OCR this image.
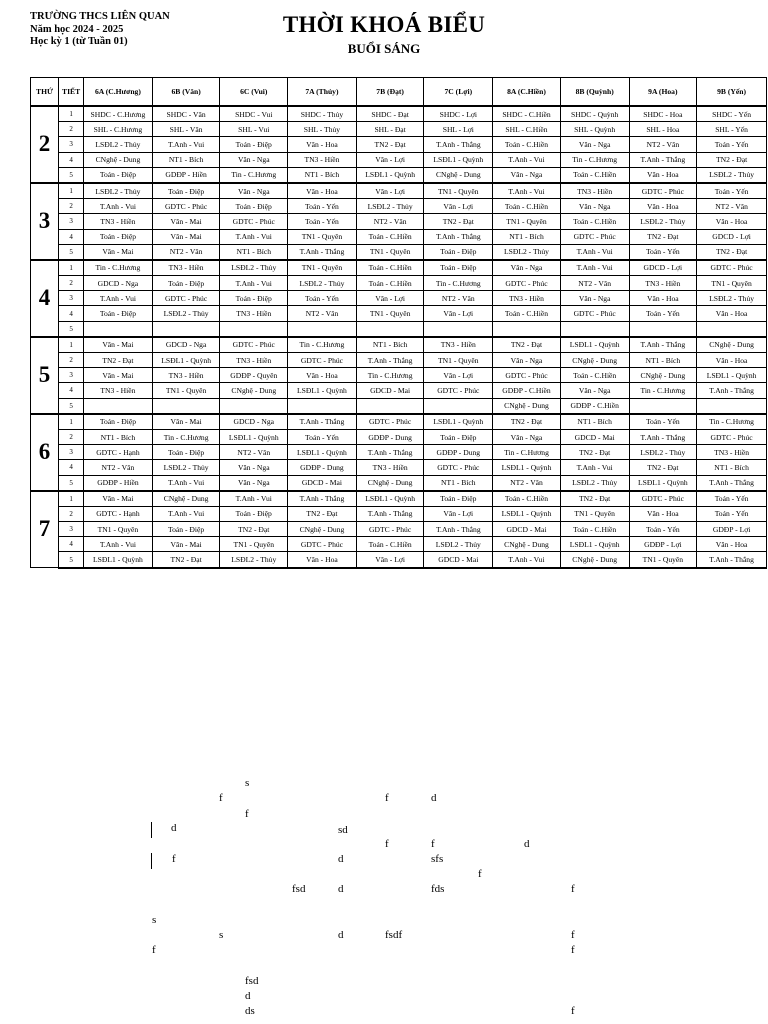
TRƯỜNG THCS LIÊN QUAN
Năm học 2024 - 2025
Học kỳ 1 (từ Tuần 01)
THỜI KHOÁ BIỂU
BUỔI SÁNG
THỨ	TIẾT	6A (C.Hương)	6B (Vân)	6C (Vui)	7A (Thủy)	7B (Đạt)	7C (Lợi)	8A (C.Hiền)	8B (Quỳnh)	9A (Hoa)	9B (Yến)
2	1	SHDC - C.Hương	SHDC - Vân	SHDC - Vui	SHDC - Thủy	SHDC - Đạt	SHDC - Lợi	SHDC - C.Hiền	SHDC - Quỳnh	SHDC - Hoa	SHDC - Yến
	2	SHL - C.Hương	SHL - Vân	SHL - Vui	SHL - Thủy	SHL - Đạt	SHL - Lợi	SHL - C.Hiền	SHL - Quỳnh	SHL - Hoa	SHL - Yến
	3	LSĐL2 - Thủy	T.Anh - Vui	Toán - Điệp	Văn - Hoa	TN2 - Đạt	T.Anh - Thắng	Toán - C.Hiền	Văn - Nga	NT2 - Vân	Toán - Yến
	4	CNghệ - Dung	NT1 - Bích	Văn - Nga	TN3 - Hiền	Văn - Lợi	LSĐL1 - Quỳnh	T.Anh - Vui	Tin - C.Hương	T.Anh - Thắng	TN2 - Đạt
	5	Toán - Điệp	GDĐP - Hiền	Tin - C.Hương	NT1 - Bích	LSĐL1 - Quỳnh	CNghệ - Dung	Văn - Nga	Toán - C.Hiền	Văn - Hoa	LSĐL2 - Thủy
3	1	LSĐL2 - Thủy	Toán - Điệp	Văn - Nga	Văn - Hoa	Văn - Lợi	TN1 - Quyên	T.Anh - Vui	TN3 - Hiền	GDTC - Phúc	Toán - Yến
	2	T.Anh - Vui	GDTC - Phúc	Toán - Điệp	Toán - Yến	LSĐL2 - Thủy	Văn - Lợi	Toán - C.Hiền	Văn - Nga	Văn - Hoa	NT2 - Vân
	3	TN3 - Hiền	Văn - Mai	GDTC - Phúc	Toán - Yến	NT2 - Vân	TN2 - Đạt	TN1 - Quyên	Toán - C.Hiền	LSĐL2 - Thủy	Văn - Hoa
	4	Toán - Điệp	Văn - Mai	T.Anh - Vui	TN1 - Quyên	Toán - C.Hiền	T.Anh - Thắng	NT1 - Bích	GDTC - Phúc	TN2 - Đạt	GDCD - Lợi
	5	Văn - Mai	NT2 - Vân	NT1 - Bích	T.Anh - Thắng	TN1 - Quyên	Toán - Điệp	LSĐL2 - Thủy	T.Anh - Vui	Toán - Yến	TN2 - Đạt
4	1	Tin - C.Hương	TN3 - Hiền	LSĐL2 - Thủy	TN1 - Quyên	Toán - C.Hiền	Toán - Điệp	Văn - Nga	T.Anh - Vui	GDCD - Lợi	GDTC - Phúc
	2	GDCD - Nga	Toán - Điệp	T.Anh - Vui	LSĐL2 - Thủy	Toán - C.Hiền	Tin - C.Hương	GDTC - Phúc	NT2 - Vân	TN3 - Hiền	TN1 - Quyên
	3	T.Anh - Vui	GDTC - Phúc	Toán - Điệp	Toán - Yến	Văn - Lợi	NT2 - Vân	TN3 - Hiền	Văn - Nga	Văn - Hoa	LSĐL2 - Thủy
	4	Toán - Điệp	LSĐL2 - Thủy	TN3 - Hiền	NT2 - Vân	TN1 - Quyên	Văn - Lợi	Toán - C.Hiền	GDTC - Phúc	Toán - Yến	Văn - Hoa
	5										
5	1	Văn - Mai	GDCD - Nga	GDTC - Phúc	Tin - C.Hương	NT1 - Bích	TN3 - Hiền	TN2 - Đạt	LSĐL1 - Quỳnh	T.Anh - Thắng	CNghệ - Dung
	2	TN2 - Đạt	LSĐL1 - Quỳnh	TN3 - Hiền	GDTC - Phúc	T.Anh - Thắng	TN1 - Quyên	Văn - Nga	CNghệ - Dung	NT1 - Bích	Văn - Hoa
	3	Văn - Mai	TN3 - Hiền	GDĐP - Quyên	Văn - Hoa	Tin - C.Hương	Văn - Lợi	GDTC - Phúc	Toán - C.Hiền	CNghệ - Dung	LSĐL1 - Quỳnh
	4	TN3 - Hiền	TN1 - Quyên	CNghệ - Dung	LSĐL1 - Quỳnh	GDCD - Mai	GDTC - Phúc	GDĐP - C.Hiền	Văn - Nga	Tin - C.Hương	T.Anh - Thắng
	5							CNghệ - Dung	GDĐP - C.Hiền		
6	1	Toán - Điệp	Văn - Mai	GDCD - Nga	T.Anh - Thắng	GDTC - Phúc	LSĐL1 - Quỳnh	TN2 - Đạt	NT1 - Bích	Toán - Yến	Tin - C.Hương
	2	NT1 - Bích	Tin - C.Hương	LSĐL1 - Quỳnh	Toán - Yến	GDĐP - Dung	Toán - Điệp	Văn - Nga	GDCD - Mai	T.Anh - Thắng	GDTC - Phúc
	3	GDTC - Hạnh	Toán - Điệp	NT2 - Vân	LSĐL1 - Quỳnh	T.Anh - Thắng	GDĐP - Dung	Tin - C.Hương	TN2 - Đạt	LSĐL2 - Thủy	TN3 - Hiền
	4	NT2 - Vân	LSĐL2 - Thủy	Văn - Nga	GDĐP - Dung	TN3 - Hiền	GDTC - Phúc	LSĐL1 - Quỳnh	T.Anh - Vui	TN2 - Đạt	NT1 - Bích
	5	GDĐP - Hiền	T.Anh - Vui	Văn - Nga	GDCD - Mai	CNghệ - Dung	NT1 - Bích	NT2 - Vân	LSĐL2 - Thủy	LSĐL1 - Quỳnh	T.Anh - Thắng
7	1	Văn - Mai	CNghệ - Dung	T.Anh - Vui	T.Anh - Thắng	LSĐL1 - Quỳnh	Toán - Điệp	Toán - C.Hiền	TN2 - Đạt	GDTC - Phúc	Toán - Yến
	2	GDTC - Hạnh	T.Anh - Vui	Toán - Điệp	TN2 - Đạt	T.Anh - Thắng	Văn - Lợi	LSĐL1 - Quỳnh	TN1 - Quyên	Văn - Hoa	Toán - Yến
	3	TN1 - Quyên	Toán - Điệp	TN2 - Đạt	CNghệ - Dung	GDTC - Phúc	T.Anh - Thắng	GDCD - Mai	Toán - C.Hiền	Toán - Yến	GDĐP - Lợi
	4	T.Anh - Vui	Văn - Mai	TN1 - Quyên	GDTC - Phúc	Toán - C.Hiền	LSĐL2 - Thủy	CNghệ - Dung	LSĐL1 - Quỳnh	GDĐP - Lợi	Văn - Hoa
	5	LSĐL1 - Quỳnh	TN2 - Đạt	LSĐL2 - Thủy	Văn - Hoa	Văn - Lợi	GDCD - Mai	T.Anh - Vui	CNghệ - Dung	TN1 - Quyên	T.Anh - Thắng
s
f
f
d
f	d
sd
f	f	d
f	d	sfs
f
fsd	d	fds	f
s
s	d	fsdf	f
f	f
fsd
d
ds	f
